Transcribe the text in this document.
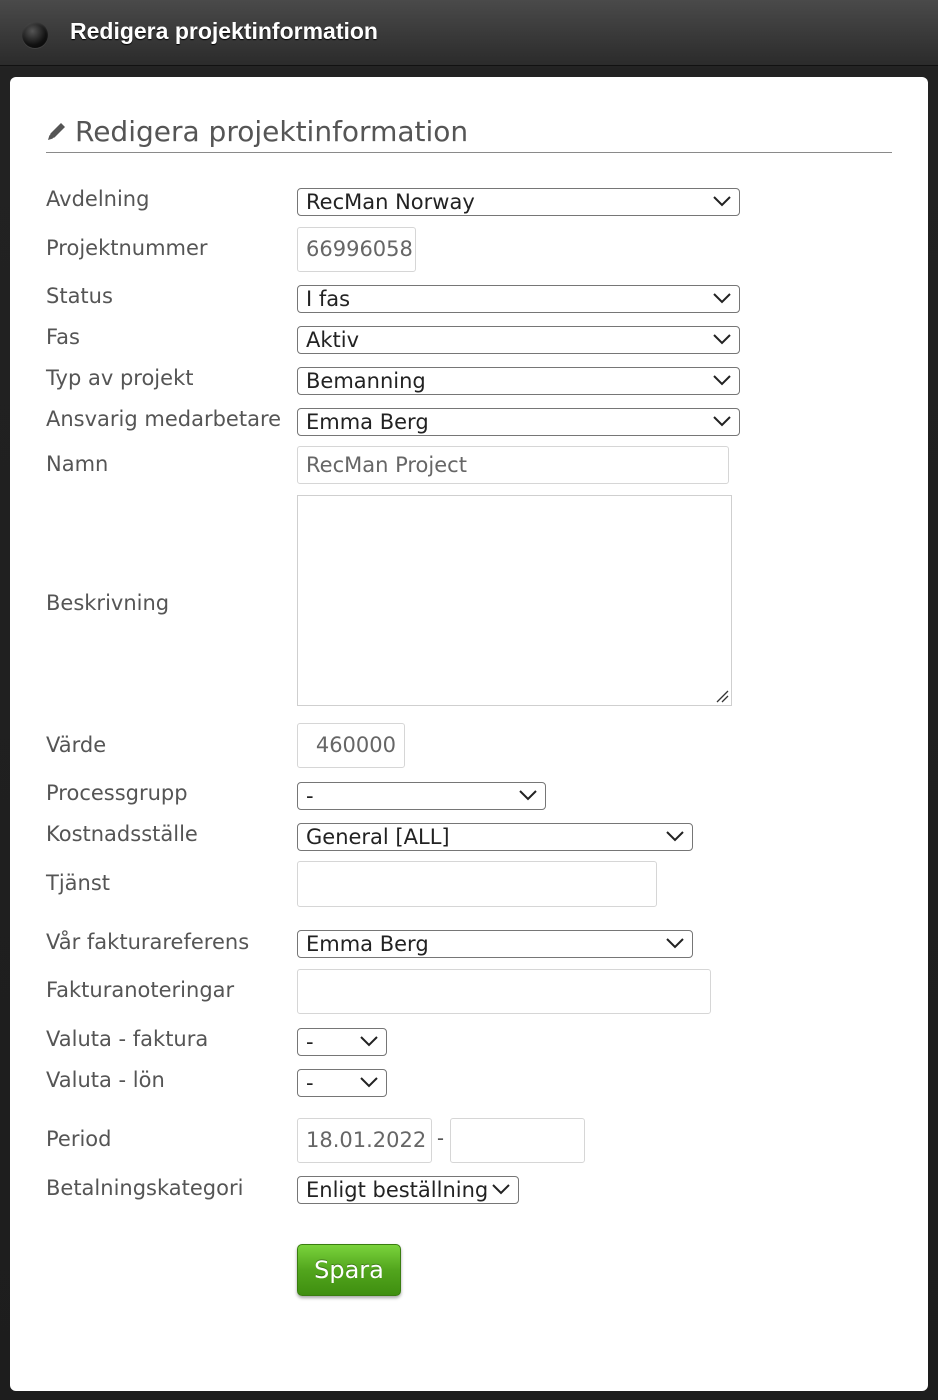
Redigera projektinformation
Redigera projektinformation
Avdelning	RecMan Norway
Projektnummer	66996058
Status	I fas
Fas	Aktiv
Typ av projekt	Bemanning
Ansvarig medarbetare	Emma Berg
Namn	RecMan Project
Beskrivning
Värde	460000
Processgrupp	-
Kostnadsställe	General [ALL]
Tjänst
Vår fakturareferens	Emma Berg
Fakturanoteringar
Valuta - faktura	-
Valuta - lön	-
Period	18.01.2022 -
Betalningskategori	Enligt beställning
Spara
